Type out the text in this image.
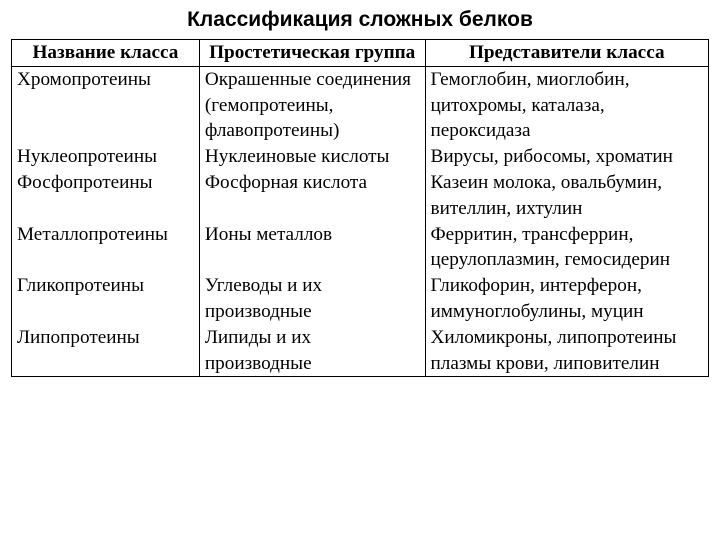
Классификация сложных белков
Название класса	Простетическая группа	Представители класса
Хромопротеины	Окрашенные соединения (гемопротеины, флавопротеины)	Гемоглобин, миоглобин, цитохромы, каталаза, пероксидаза
Нуклеопротеины	Нуклеиновые кислоты	Вирусы, рибосомы, хроматин
Фосфопротеины	Фосфорная кислота	Казеин молока, овальбумин, вителлин, ихтулин
Металлопротеины	Ионы металлов	Ферритин, трансферрин, церулоплазмин, гемосидерин
Гликопротеины	Углеводы и их производные	Гликофорин, интерферон, иммуноглобулины, муцин
Липопротеины	Липиды и их производные	Хиломикроны, липопротеины плазмы крови, липовителин
